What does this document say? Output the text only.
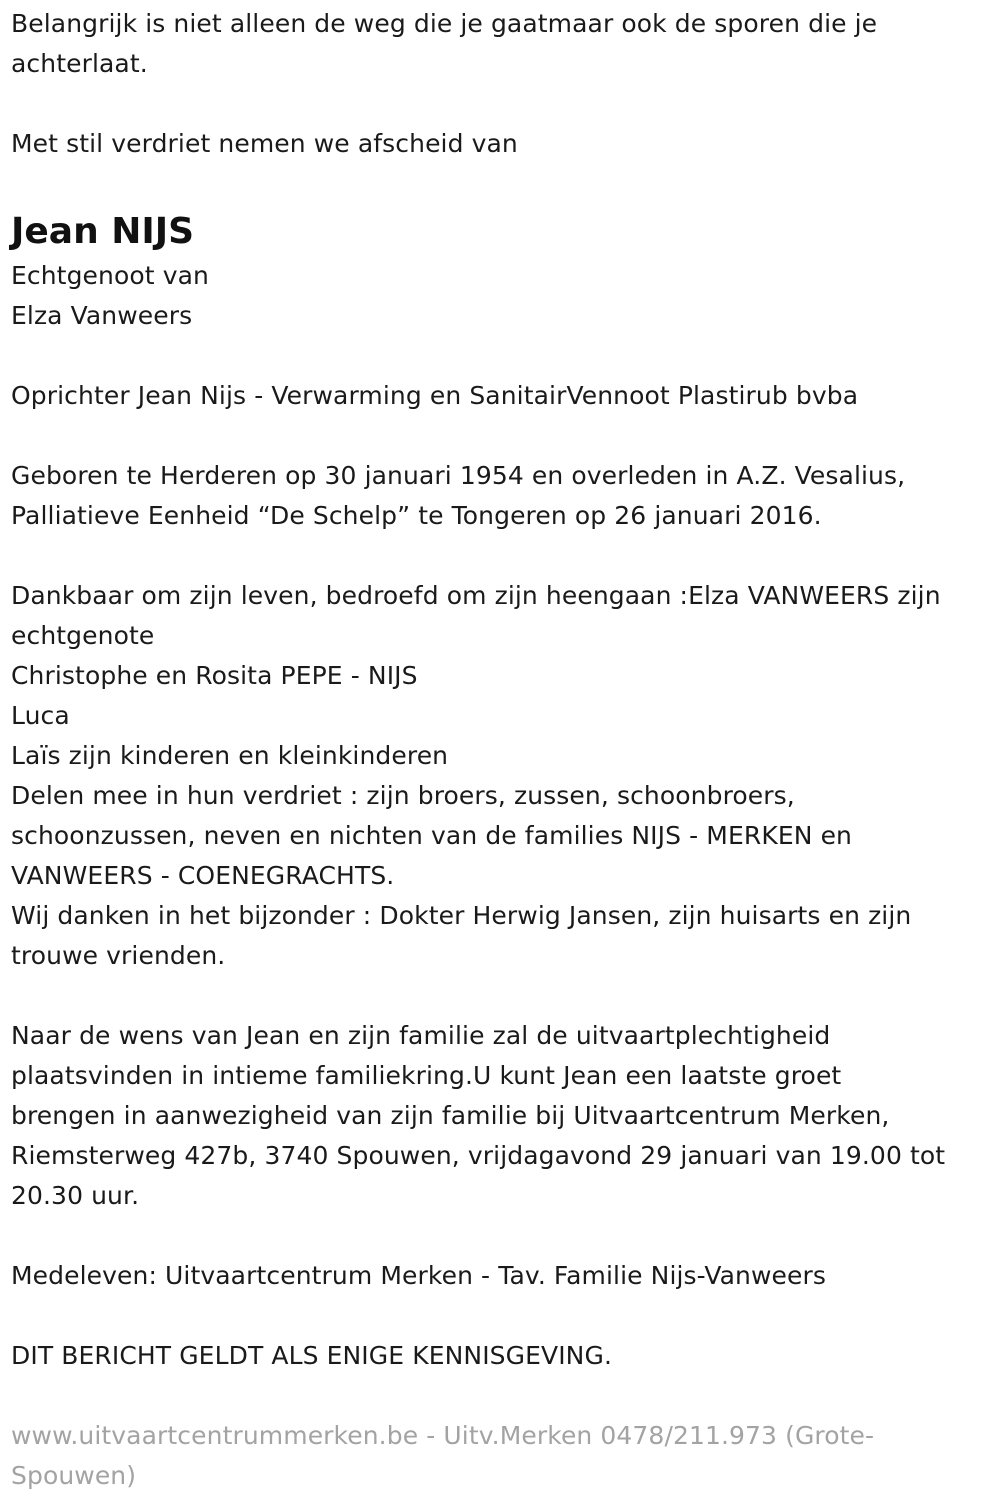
Belangrijk is niet alleen de weg die je gaatmaar ook de sporen die je

achterlaat.

Met stil verdriet nemen we afscheid van

Jean NIJS

Echtgenoot van

Elza Vanweers

Oprichter Jean Nijs - Verwarming en SanitairVennoot Plastirub bvba

Geboren te Herderen op 30 januari 1954 en overleden in A.Z. Vesalius,

Palliatieve Eenheid “De Schelp” te Tongeren op 26 januari 2016.

Dankbaar om zijn leven, bedroefd om zijn heengaan :Elza VANWEERS zijn

echtgenote

Christophe en Rosita PEPE - NIJS

Luca

Laïs zijn kinderen en kleinkinderen

Delen mee in hun verdriet : zijn broers, zussen, schoonbroers,

schoonzussen, neven en nichten van de families NIJS - MERKEN en

VANWEERS - COENEGRACHTS.

Wij danken in het bijzonder : Dokter Herwig Jansen, zijn huisarts en zijn

trouwe vrienden.

Naar de wens van Jean en zijn familie zal de uitvaartplechtigheid

plaatsvinden in intieme familiekring.U kunt Jean een laatste groet

brengen in aanwezigheid van zijn familie bij Uitvaartcentrum Merken,

Riemsterweg 427b, 3740 Spouwen, vrijdagavond 29 januari van 19.00 tot

20.30 uur.

Medeleven: Uitvaartcentrum Merken - Tav. Familie Nijs-Vanweers

DIT BERICHT GELDT ALS ENIGE KENNISGEVING.

www.uitvaartcentrummerken.be - Uitv.Merken 0478/211.973 (Grote-

Spouwen)
